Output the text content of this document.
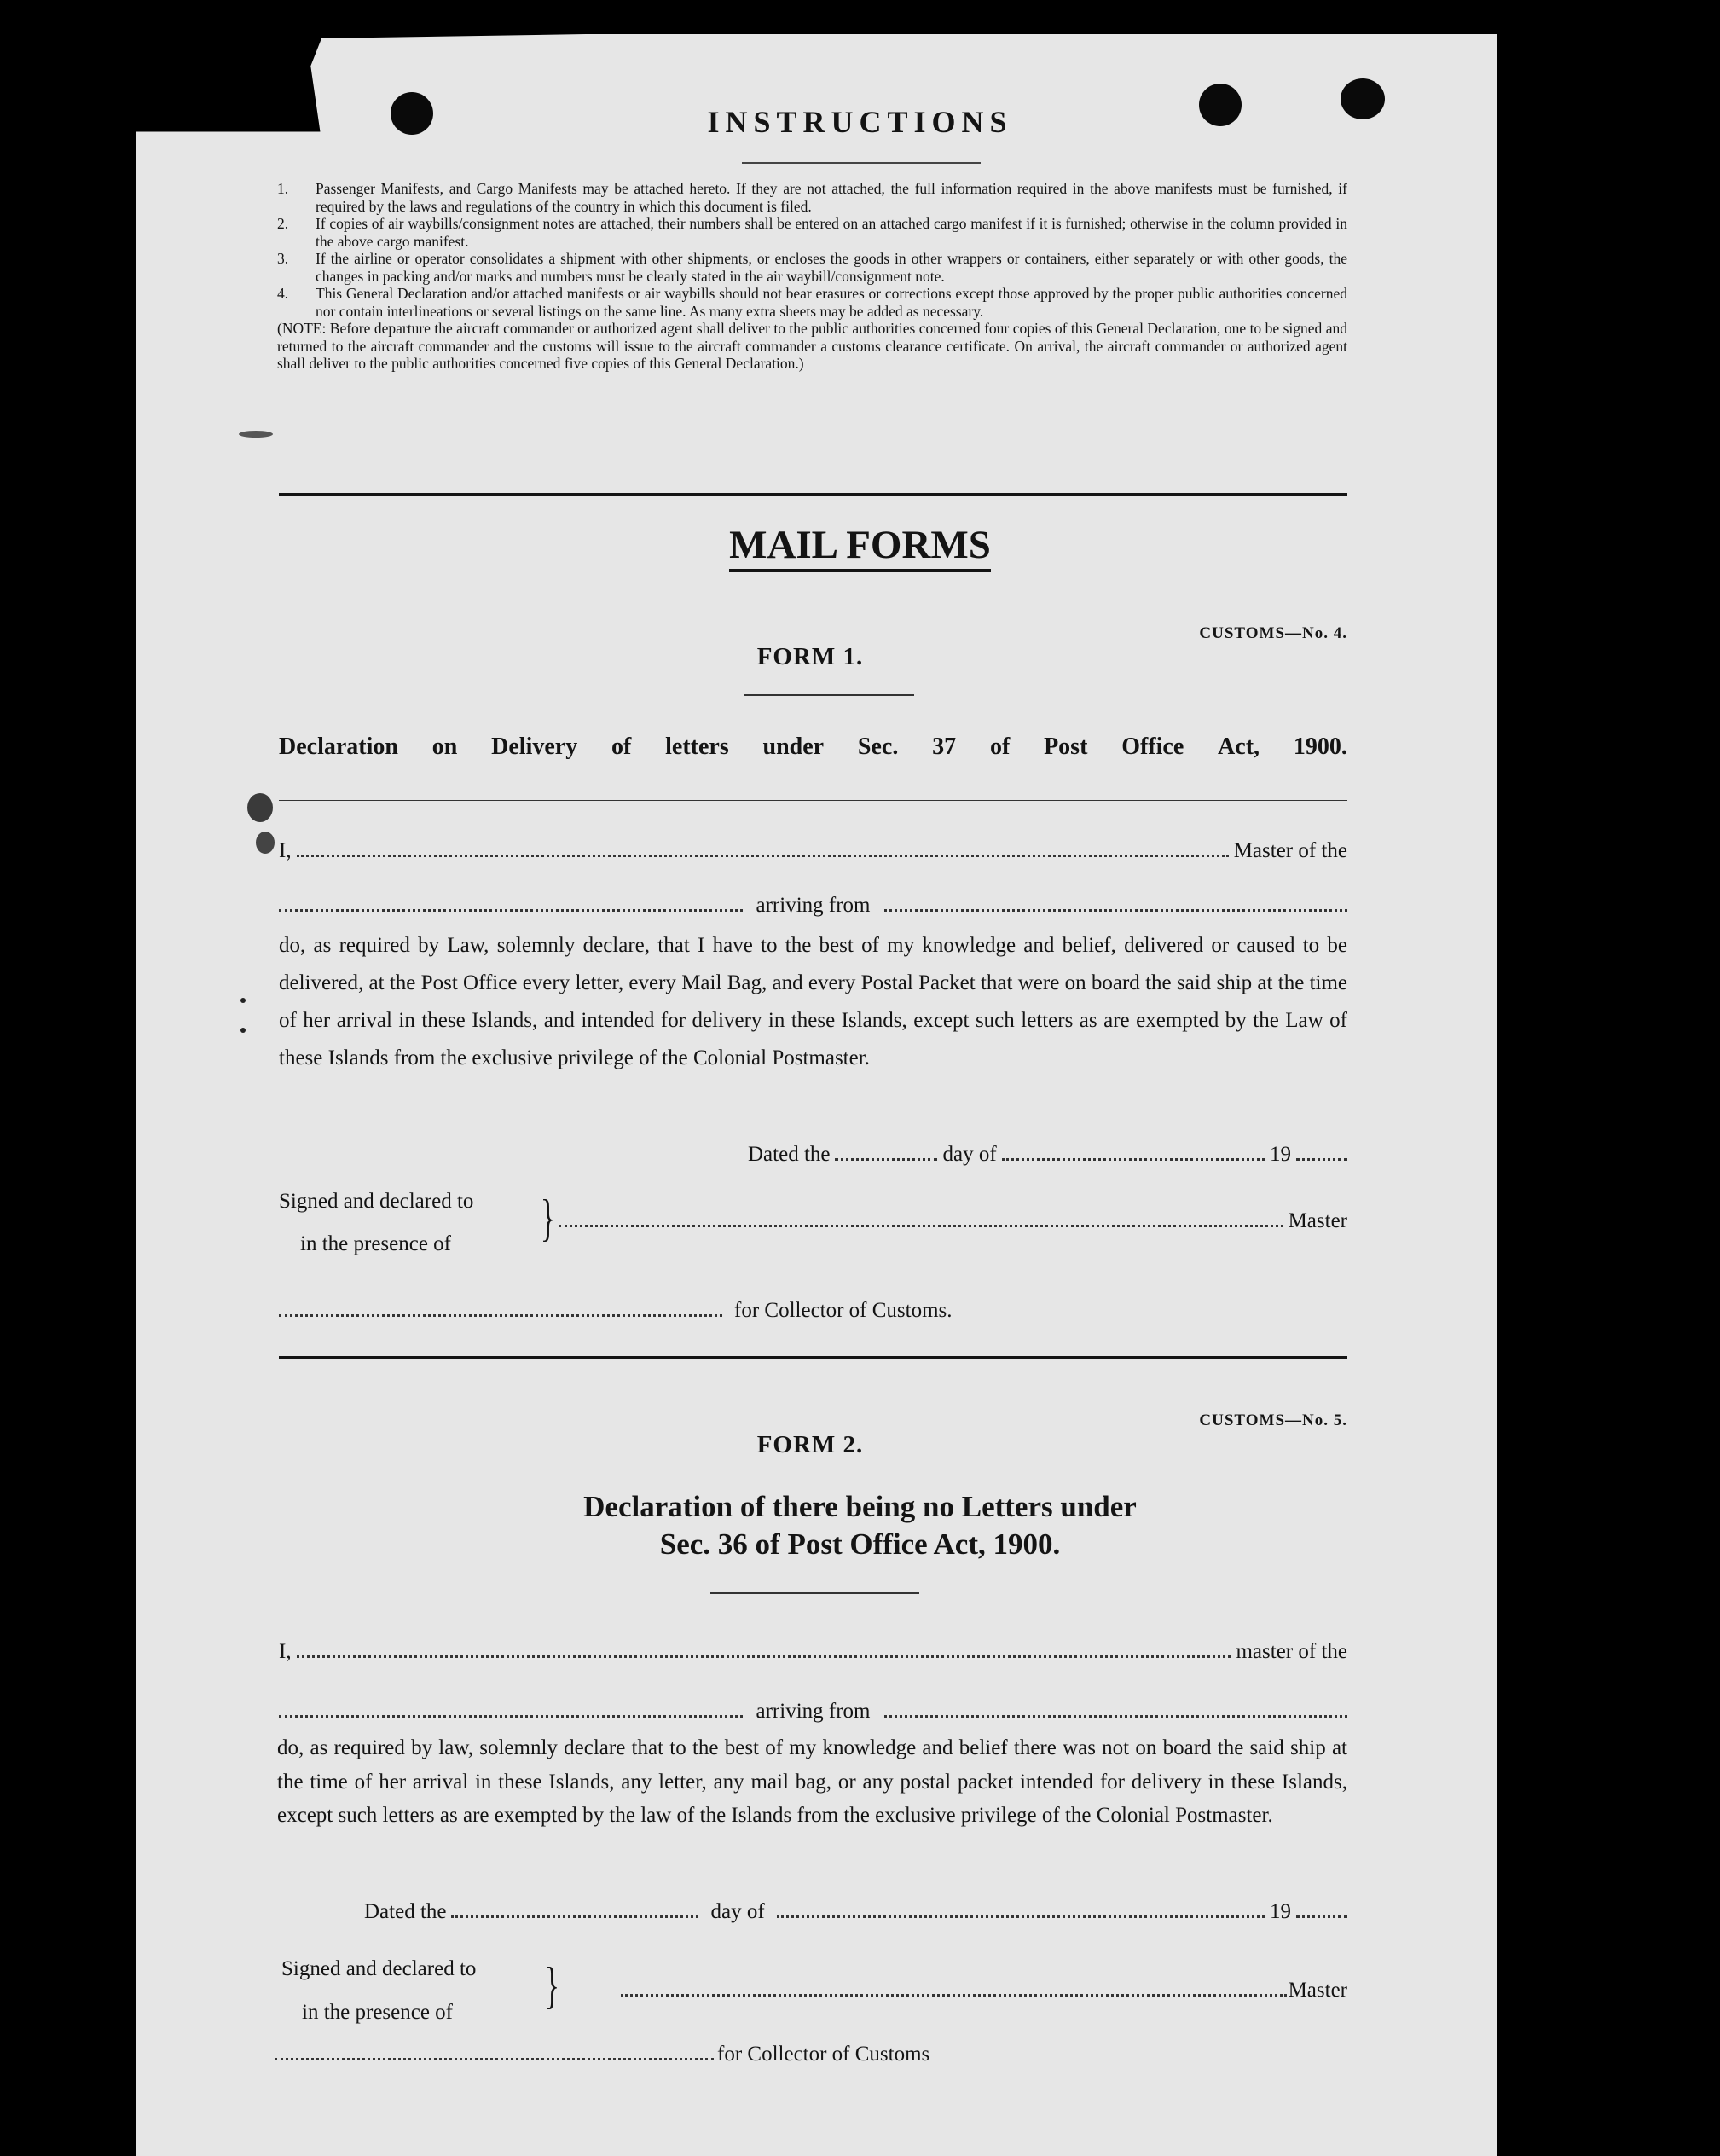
INSTRUCTIONS
1.	Passenger Manifests, and Cargo Manifests may be attached hereto. If they are not attached, the full information required in the above manifests must be furnished, if required by the laws and regulations of the country in which this document is filed.
2.	If copies of air waybills/consignment notes are attached, their numbers shall be entered on an attached cargo manifest if it is furnished; otherwise in the column provided in the above cargo manifest.
3.	If the airline or operator consolidates a shipment with other shipments, or encloses the goods in other wrappers or containers, either separately or with other goods, the changes in packing and/or marks and numbers must be clearly stated in the air waybill/consignment note.
4.	This General Declaration and/or attached manifests or air waybills should not bear erasures or corrections except those approved by the proper public authorities concerned nor contain interlineations or several listings on the same line. As many extra sheets may be added as necessary.
(NOTE: Before departure the aircraft commander or authorized agent shall deliver to the public authorities concerned four copies of this General Declaration, one to be signed and returned to the aircraft commander and the customs will issue to the aircraft commander a customs clearance certificate. On arrival, the aircraft commander or authorized agent shall deliver to the public authorities concerned five copies of this General Declaration.)
MAIL FORMS
CUSTOMS—No. 4.
FORM 1.
Declaration on Delivery of letters under Sec. 37 of Post Office Act, 1900.
I,	Master of the
arriving from
do, as required by Law, solemnly declare, that I have to the best of my knowledge and belief, delivered or caused to be delivered, at the Post Office every letter, every Mail Bag, and every Postal Packet that were on board the said ship at the time of her arrival in these Islands, and intended for delivery in these Islands, except such letters as are exempted by the Law of these Islands from the exclusive privilege of the Colonial Postmaster.
Dated the	day of	19
Signed and declared to
in the presence of }	Master
for Collector of Customs.
CUSTOMS—No. 5.
FORM 2.
Declaration of there being no Letters under
Sec. 36 of Post Office Act, 1900.
I,	master of the
arriving from
do, as required by law, solemnly declare that to the best of my knowledge and belief there was not on board the said ship at the time of her arrival in these Islands, any letter, any mail bag, or any postal packet intended for delivery in these Islands, except such letters as are exempted by the law of the Islands from the exclusive privilege of the Colonial Postmaster.
Dated the	day of	19
Signed and declared to
in the presence of }	Master
for Collector of Customs
